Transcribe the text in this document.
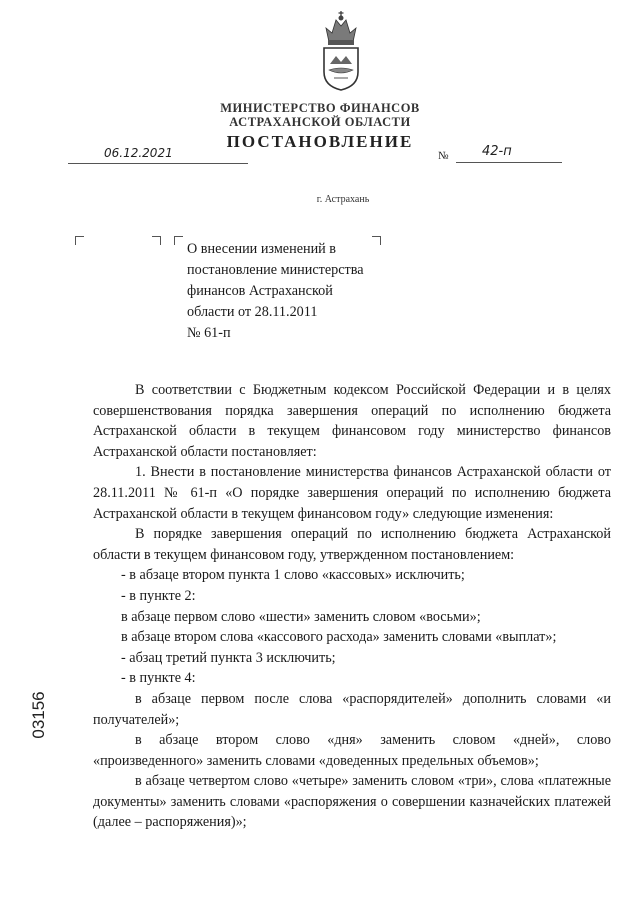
МИНИСТЕРСТВО ФИНАНСОВ
АСТРАХАНСКОЙ ОБЛАСТИ
ПОСТАНОВЛЕНИЕ
06.12.2021	№	42-п
г. Астрахань
О внесении изменений в
постановление министерства
финансов Астраханской
области от 28.11.2011
№ 61-п

В соответствии с Бюджетным кодексом Российской Федерации и в целях совершенствования порядка завершения операций по исполнению бюджета Астраханской области в текущем финансовом году министерство финансов Астраханской области постановляет:

1. Внести в постановление министерства финансов Астраханской области от 28.11.2011 № 61-п «О порядке завершения операций по исполнению бюджета Астраханской области в текущем финансовом году» следующие изменения:

В порядке завершения операций по исполнению бюджета Астраханской области в текущем финансовом году, утвержденном постановлением:

- в абзаце втором пункта 1 слово «кассовых» исключить;

- в пункте 2:

в абзаце первом слово «шести» заменить словом «восьми»;

в абзаце втором слова «кассового расхода» заменить словами «выплат»;

- абзац третий пункта 3 исключить;

- в пункте 4:

в абзаце первом после слова «распорядителей» дополнить словами «и получателей»;

в абзаце втором слово «дня» заменить словом «дней», слово «произведенного» заменить словами «доведенных предельных объемов»;

в абзаце четвертом слово «четыре» заменить словом «три», слова «платежные документы» заменить словами «распоряжения о совершении казначейских платежей (далее – распоряжения)»;

03156
